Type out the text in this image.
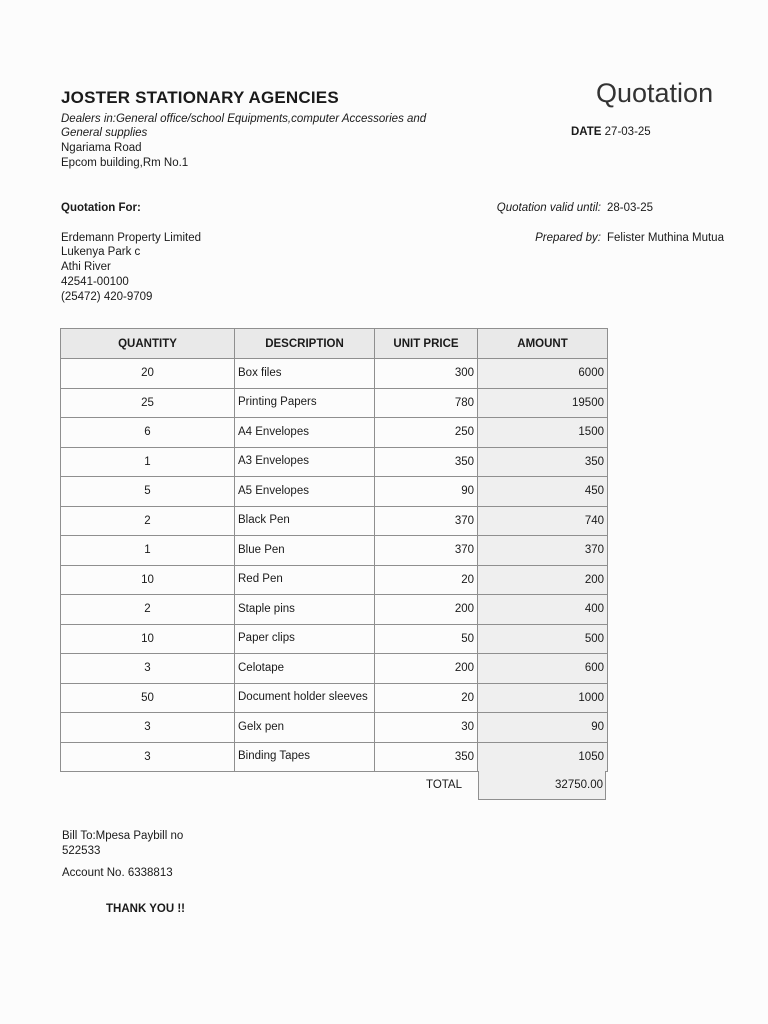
JOSTER STATIONARY AGENCIES
Dealers in:General office/school Equipments,computer Accessories and General supplies
Ngariama Road
Epcom building,Rm No.1
Quotation
DATE 27-03-25
Quotation For:	Quotation valid until: 28-03-25
Prepared by: Felister Muthina Mutua
Erdemann Property Limited
Lukenya Park c
Athi River
42541-00100
(25472) 420-9709
QUANTITY	DESCRIPTION	UNIT PRICE	AMOUNT
20	Box files	300	6000
25	Printing Papers	780	19500
6	A4 Envelopes	250	1500
1	A3 Envelopes	350	350
5	A5 Envelopes	90	450
2	Black Pen	370	740
1	Blue Pen	370	370
10	Red Pen	20	200
2	Staple pins	200	400
10	Paper clips	50	500
3	Celotape	200	600
50	Document holder sleeves	20	1000
3	Gelx pen	30	90
3	Binding Tapes	350	1050
TOTAL	32750.00
Bill To:Mpesa Paybill no
522533
Account No. 6338813
THANK YOU !!
